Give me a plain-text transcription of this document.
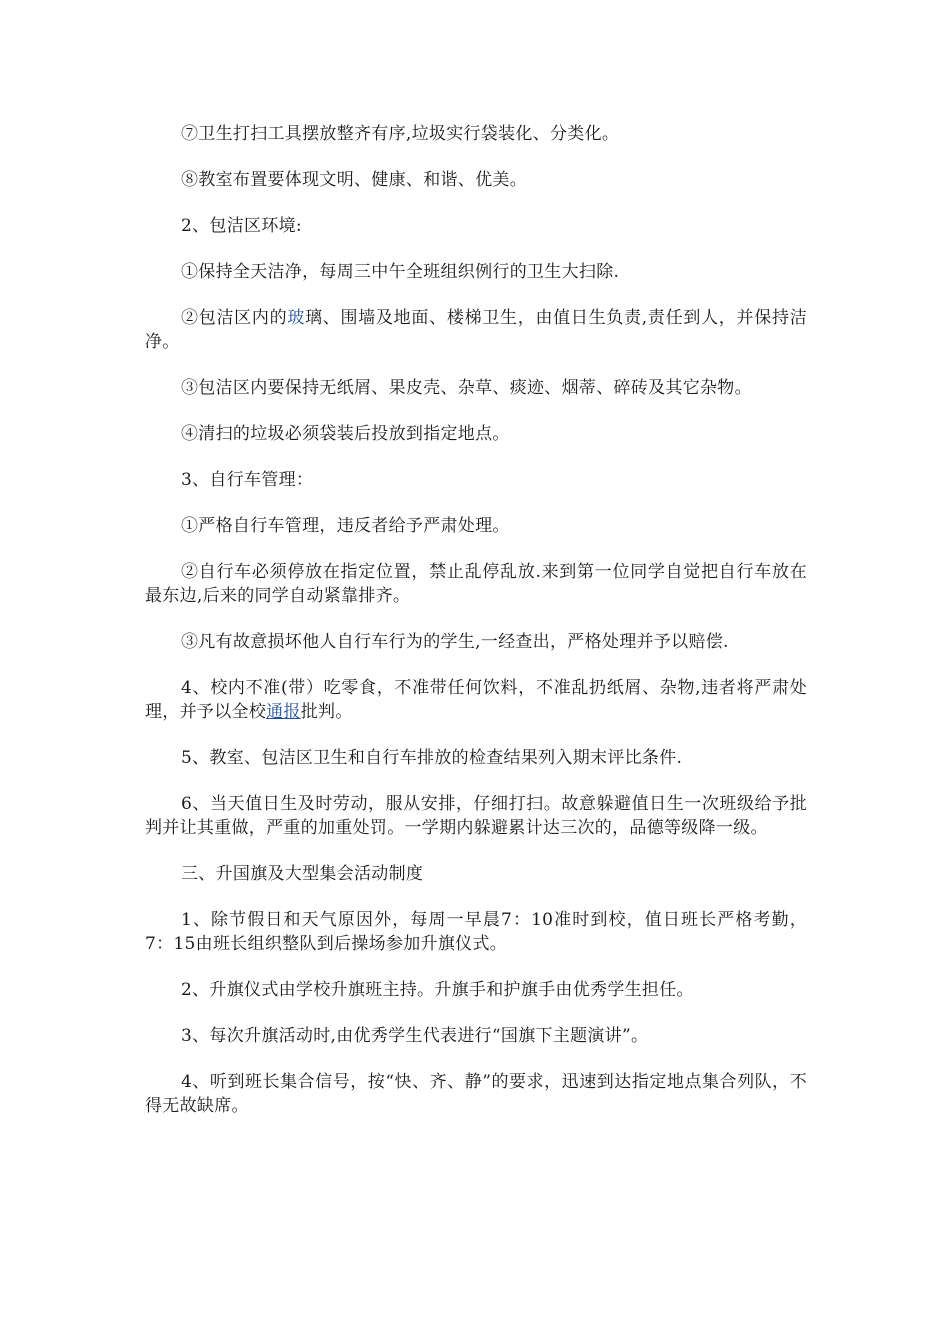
⑦卫生打扫工具摆放整齐有序,垃圾实行袋装化、分类化。

⑧教室布置要体现文明、健康、和谐、优美。

2、包洁区环境:

①保持全天洁净，每周三中午全班组织例行的卫生大扫除.

②包洁区内的玻璃、围墙及地面、楼梯卫生，由值日生负责,责任到人，并保持洁净。

③包洁区内要保持无纸屑、果皮壳、杂草、痰迹、烟蒂、碎砖及其它杂物。

④清扫的垃圾必须袋装后投放到指定地点。

3、自行车管理：

①严格自行车管理，违反者给予严肃处理。

②自行车必须停放在指定位置，禁止乱停乱放.来到第一位同学自觉把自行车放在最东边,后来的同学自动紧靠排齐。

③凡有故意损坏他人自行车行为的学生,一经查出，严格处理并予以赔偿.

4、校内不准(带）吃零食，不准带任何饮料，不准乱扔纸屑、杂物,违者将严肃处理，并予以全校通报批判。

5、教室、包洁区卫生和自行车排放的检查结果列入期末评比条件.

6、当天值日生及时劳动，服从安排，仔细打扫。故意躲避值日生一次班级给予批判并让其重做，严重的加重处罚。一学期内躲避累计达三次的，品德等级降一级。

三、升国旗及大型集会活动制度

1、除节假日和天气原因外，每周一早晨7：10准时到校，值日班长严格考勤，7：15由班长组织整队到后操场参加升旗仪式。

2、升旗仪式由学校升旗班主持。升旗手和护旗手由优秀学生担任。

3、每次升旗活动时,由优秀学生代表进行“国旗下主题演讲”。

4、听到班长集合信号，按“快、齐、静”的要求，迅速到达指定地点集合列队，不得无故缺席。
